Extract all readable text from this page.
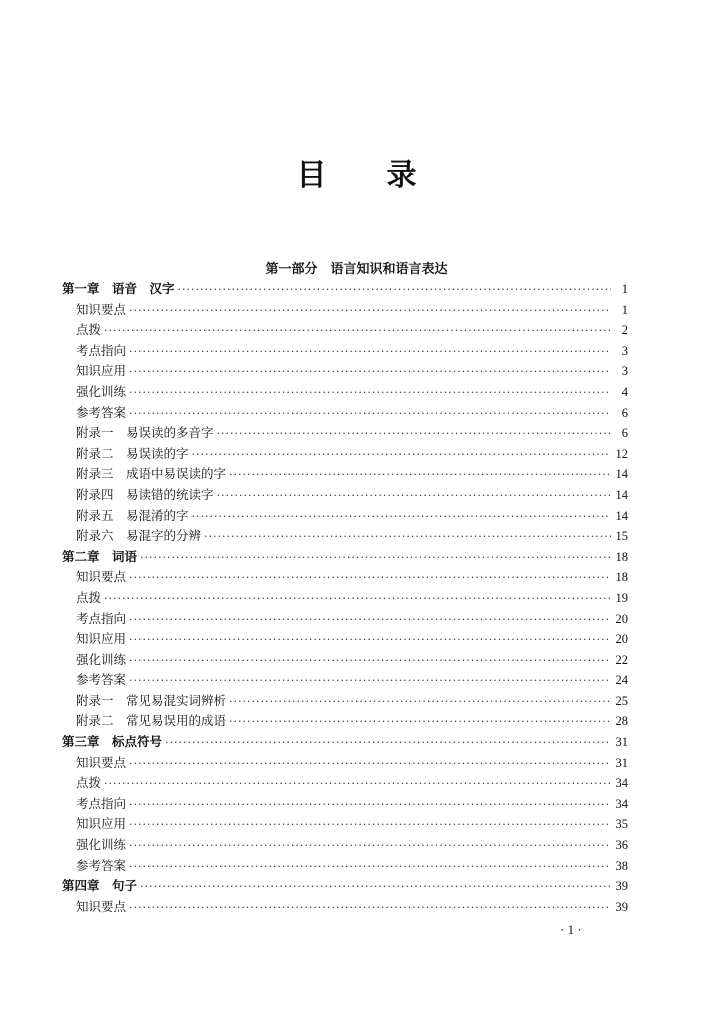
目 录
第一部分　语言知识和语言表达
第一章　语音　汉字 ·····	1
知识要点 ·····	1
点拨 ·····	2
考点指向 ·····	3
知识应用 ·····	3
强化训练 ·····	4
参考答案 ·····	6
附录一　易误读的多音字 ·····	6
附录二　易误读的字 ·····	12
附录三　成语中易误读的字 ·····	14
附录四　易读错的统读字 ·····	14
附录五　易混淆的字 ·····	14
附录六　易混字的分辨 ·····	15
第二章　词语 ·····	18
知识要点 ·····	18
点拨 ·····	19
考点指向 ·····	20
知识应用 ·····	20
强化训练 ·····	22
参考答案 ·····	24
附录一　常见易混实词辨析 ·····	25
附录二　常见易误用的成语 ·····	28
第三章　标点符号 ·····	31
知识要点 ·····	31
点拨 ·····	34
考点指向 ·····	34
知识应用 ·····	35
强化训练 ·····	36
参考答案 ·····	38
第四章　句子 ·····	39
知识要点 ·····	39
· 1 ·
